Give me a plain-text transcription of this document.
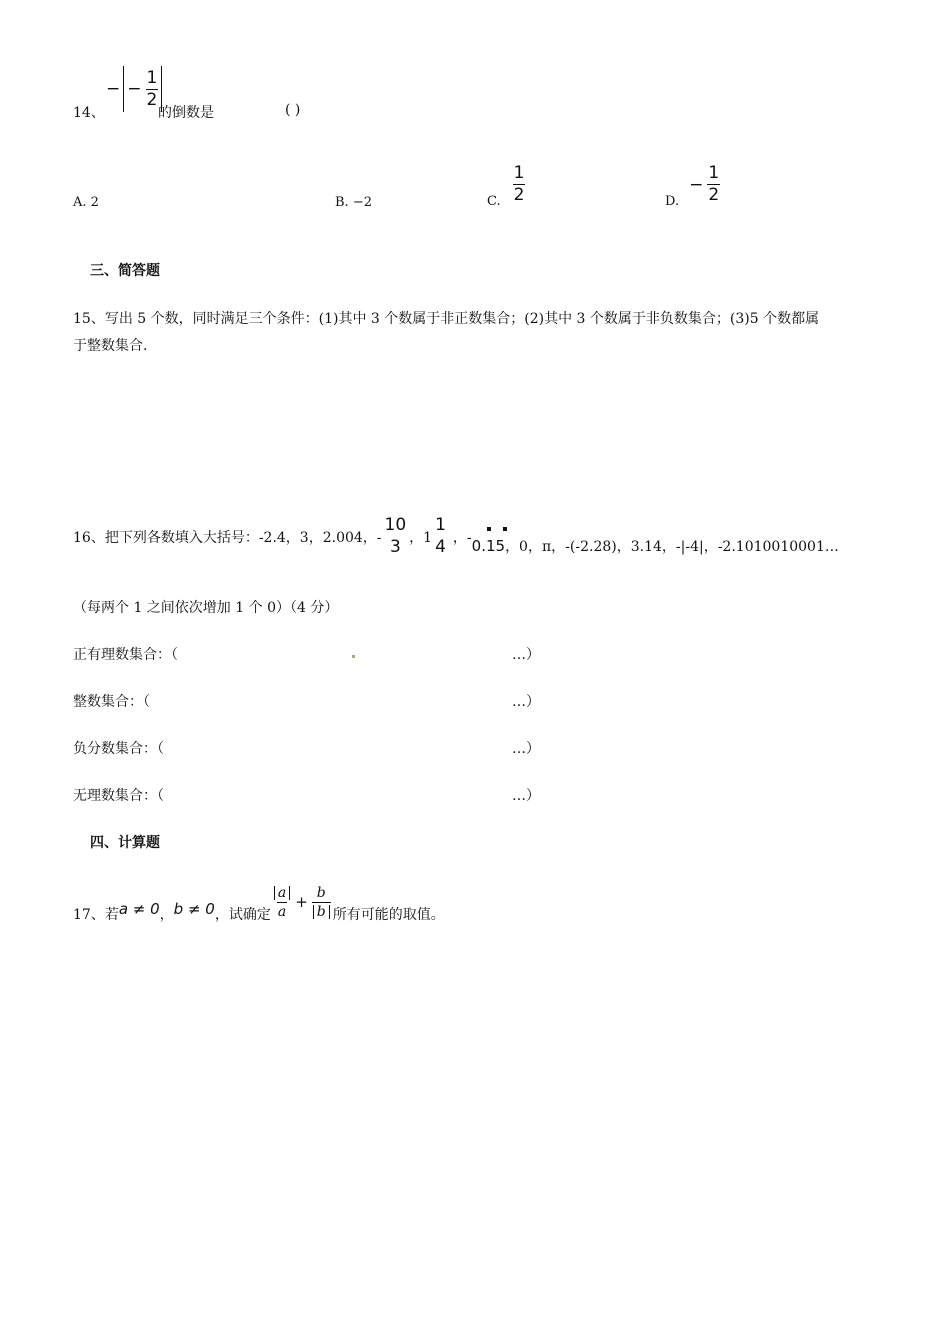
14、
− − $\frac{1}{2}$
的倒数是	( )
A. 2	B. −2	C. $\frac{1}{2}$	D.
− $\frac{1}{2}$
三、简答题
15、写出 5 个数，同时满足三个条件：(1)其中 3 个数属于非正数集合；(2)其中 3 个数属于非负数集合；(3)5 个数都属
于整数集合.
16、把下列各数填入大括号：-2.4，3，2.004，-
10
3 ，1
1
4 ，- 0.15 ，0，π，-(-2.28)，3.14，-|-4|，-2.1010010001…
（每两个 1 之间依次增加 1 个 0）（4 分）
正有理数集合：（	…）
整数集合：（	…）
负分数集合：（	…）
无理数集合：（	…）
四、计算题
17、若 a ≠ 0 ， b ≠ 0 ，试确定 $\frac{a}{a} + \frac{b}{b}$ 所有可能的取值。
